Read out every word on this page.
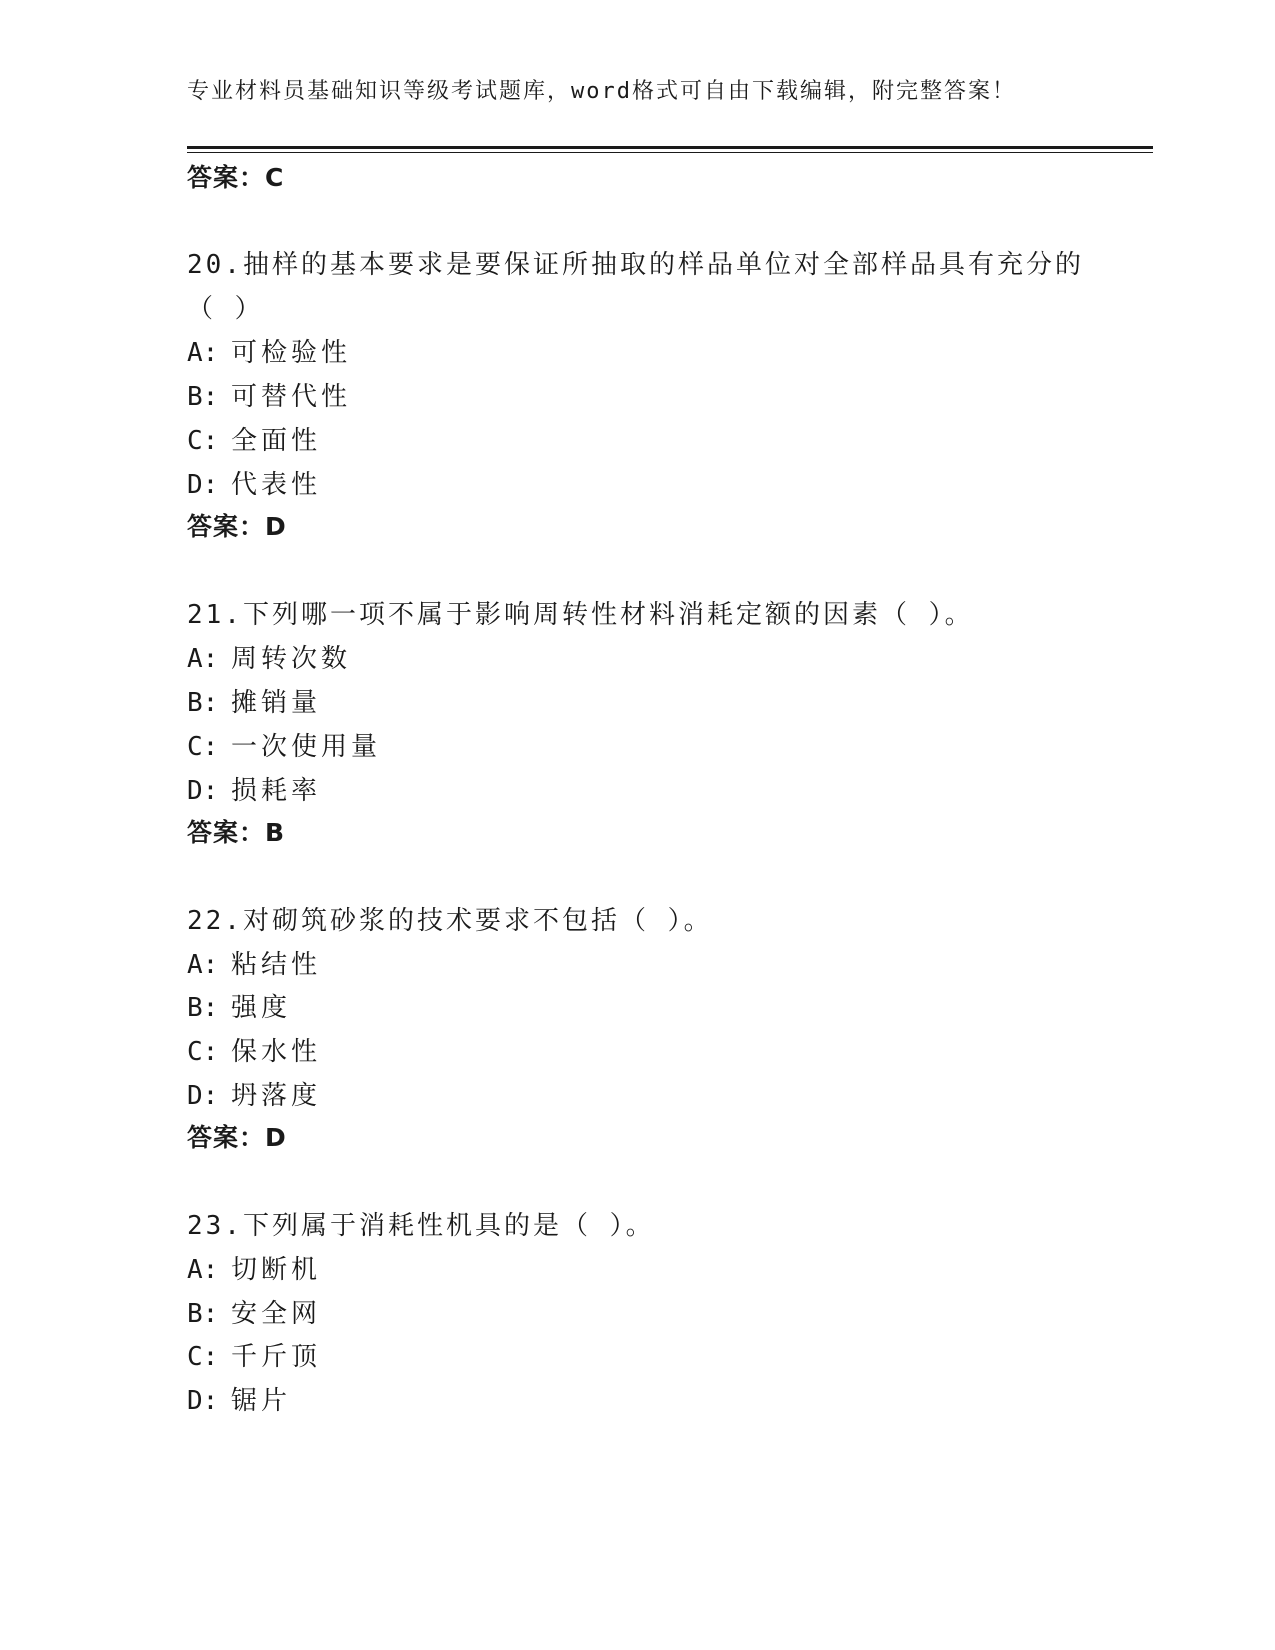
专业材料员基础知识等级考试题库，word格式可自由下载编辑，附完整答案！
答案：C
20.抽样的基本要求是要保证所抽取的样品单位对全部样品具有充分的
（ ）
A: 可检验性
B: 可替代性
C: 全面性
D: 代表性
答案：D
21.下列哪一项不属于影响周转性材料消耗定额的因素（ ）。
A: 周转次数
B: 摊销量
C: 一次使用量
D: 损耗率
答案：B
22.对砌筑砂浆的技术要求不包括（ ）。
A: 粘结性
B: 强度
C: 保水性
D: 坍落度
答案：D
23.下列属于消耗性机具的是（ ）。
A: 切断机
B: 安全网
C: 千斤顶
D: 锯片
